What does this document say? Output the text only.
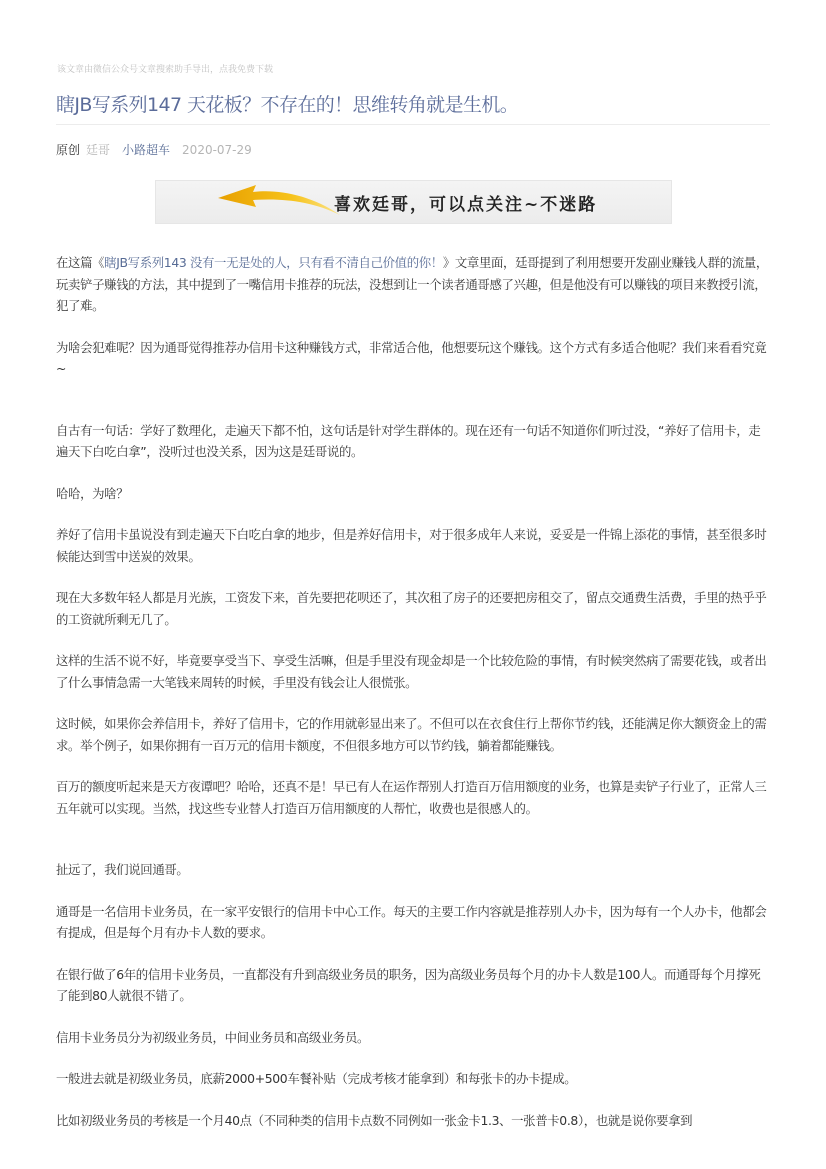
该文章由微信公众号文章搜索助手导出，点我免费下载
瞎JB写系列147 天花板？不存在的！思维转角就是生机。
原创 廷哥 小路超车 2020-07-29
喜欢廷哥，可以点关注~不迷路

在这篇《瞎JB写系列143 没有一无是处的人，只有看不清自己价值的你！》文章里面，廷哥提到了利用想要开发副业赚钱人群的流量，玩卖铲子赚钱的方法，其中提到了一嘴信用卡推荐的玩法，没想到让一个读者通哥感了兴趣，但是他没有可以赚钱的项目来教授引流，犯了难。

为啥会犯难呢？因为通哥觉得推荐办信用卡这种赚钱方式，非常适合他，他想要玩这个赚钱。这个方式有多适合他呢？我们来看看究竟~

自古有一句话：学好了数理化，走遍天下都不怕，这句话是针对学生群体的。现在还有一句话不知道你们听过没，“养好了信用卡，走遍天下白吃白拿”，没听过也没关系，因为这是廷哥说的。

哈哈，为啥？

养好了信用卡虽说没有到走遍天下白吃白拿的地步，但是养好信用卡，对于很多成年人来说，妥妥是一件锦上添花的事情，甚至很多时候能达到雪中送炭的效果。

现在大多数年轻人都是月光族，工资发下来，首先要把花呗还了，其次租了房子的还要把房租交了，留点交通费生活费，手里的热乎乎的工资就所剩无几了。

这样的生活不说不好，毕竟要享受当下、享受生活嘛，但是手里没有现金却是一个比较危险的事情，有时候突然病了需要花钱，或者出了什么事情急需一大笔钱来周转的时候，手里没有钱会让人很慌张。

这时候，如果你会养信用卡，养好了信用卡，它的作用就彰显出来了。不但可以在衣食住行上帮你节约钱，还能满足你大额资金上的需求。举个例子，如果你拥有一百万元的信用卡额度，不但很多地方可以节约钱，躺着都能赚钱。

百万的额度听起来是天方夜谭吧？哈哈，还真不是！早已有人在运作帮别人打造百万信用额度的业务，也算是卖铲子行业了，正常人三五年就可以实现。当然，找这些专业替人打造百万信用额度的人帮忙，收费也是很感人的。

扯远了，我们说回通哥。

通哥是一名信用卡业务员，在一家平安银行的信用卡中心工作。每天的主要工作内容就是推荐别人办卡，因为每有一个人办卡，他都会有提成，但是每个月有办卡人数的要求。

在银行做了6年的信用卡业务员，一直都没有升到高级业务员的职务，因为高级业务员每个月的办卡人数是100人。而通哥每个月撑死了能到80人就很不错了。

信用卡业务员分为初级业务员，中间业务员和高级业务员。

一般进去就是初级业务员，底薪2000+500车餐补贴（完成考核才能拿到）和每张卡的办卡提成。

比如初级业务员的考核是一个月40点（不同种类的信用卡点数不同例如一张金卡1.3、一张普卡0.8），也就是说你要拿到
